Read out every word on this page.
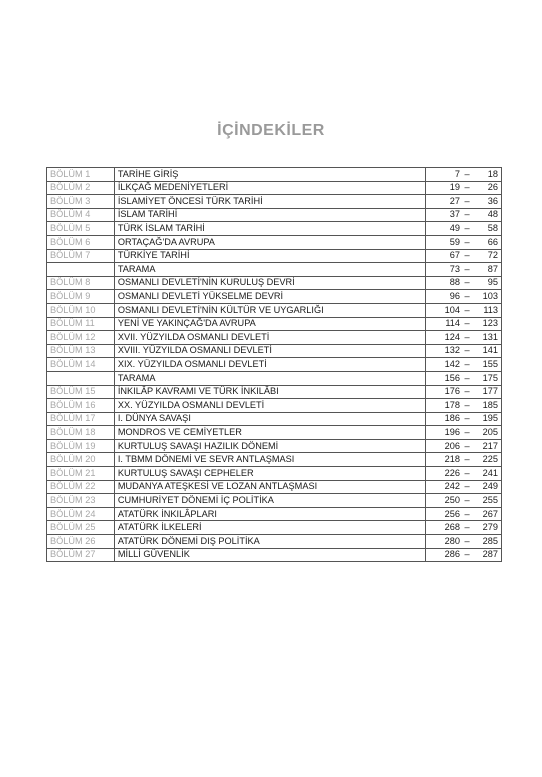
İÇİNDEKİLER
BÖLÜM 1	TARİHE GİRİŞ	7 – 18
BÖLÜM 2	İLKÇAĞ MEDENİYETLERİ	19 – 26
BÖLÜM 3	İSLAMİYET ÖNCESİ TÜRK TARİHİ	27 – 36
BÖLÜM 4	İSLAM TARİHİ	37 – 48
BÖLÜM 5	TÜRK İSLAM TARİHİ	49 – 58
BÖLÜM 6	ORTAÇAĞ'DA AVRUPA	59 – 66
BÖLÜM 7	TÜRKİYE TARİHİ	67 – 72
	TARAMA	73 – 87
BÖLÜM 8	OSMANLI DEVLETİ'NİN KURULUŞ DEVRİ	88 – 95
BÖLÜM 9	OSMANLI DEVLETİ YÜKSELME DEVRİ	96 – 103
BÖLÜM 10	OSMANLI DEVLETİ'NİN KÜLTÜR VE UYGARLIĞI	104 – 113
BÖLÜM 11	YENİ VE YAKINÇAĞ'DA AVRUPA	114 – 123
BÖLÜM 12	XVII. YÜZYILDA OSMANLI DEVLETİ	124 – 131
BÖLÜM 13	XVIII. YÜZYILDA OSMANLI DEVLETİ	132 – 141
BÖLÜM 14	XIX. YÜZYILDA OSMANLI DEVLETİ	142 – 155
	TARAMA	156 – 175
BÖLÜM 15	İNKILÂP KAVRAMI VE TÜRK İNKILÂBI	176 – 177
BÖLÜM 16	XX. YÜZYILDA OSMANLI DEVLETİ	178 – 185
BÖLÜM 17	I. DÜNYA SAVAŞI	186 – 195
BÖLÜM 18	MONDROS VE CEMİYETLER	196 – 205
BÖLÜM 19	KURTULUŞ SAVAŞI HAZILIK DÖNEMİ	206 – 217
BÖLÜM 20	I. TBMM DÖNEMİ VE SEVR ANTLAŞMASI	218 – 225
BÖLÜM 21	KURTULUŞ SAVAŞI CEPHELER	226 – 241
BÖLÜM 22	MUDANYA ATEŞKESİ VE LOZAN ANTLAŞMASI	242 – 249
BÖLÜM 23	CUMHURİYET DÖNEMİ İÇ POLİTİKA	250 – 255
BÖLÜM 24	ATATÜRK İNKILÂPLARI	256 – 267
BÖLÜM 25	ATATÜRK İLKELERİ	268 – 279
BÖLÜM 26	ATATÜRK DÖNEMİ DIŞ POLİTİKA	280 – 285
BÖLÜM 27	MİLLİ GÜVENLİK	286 – 287
